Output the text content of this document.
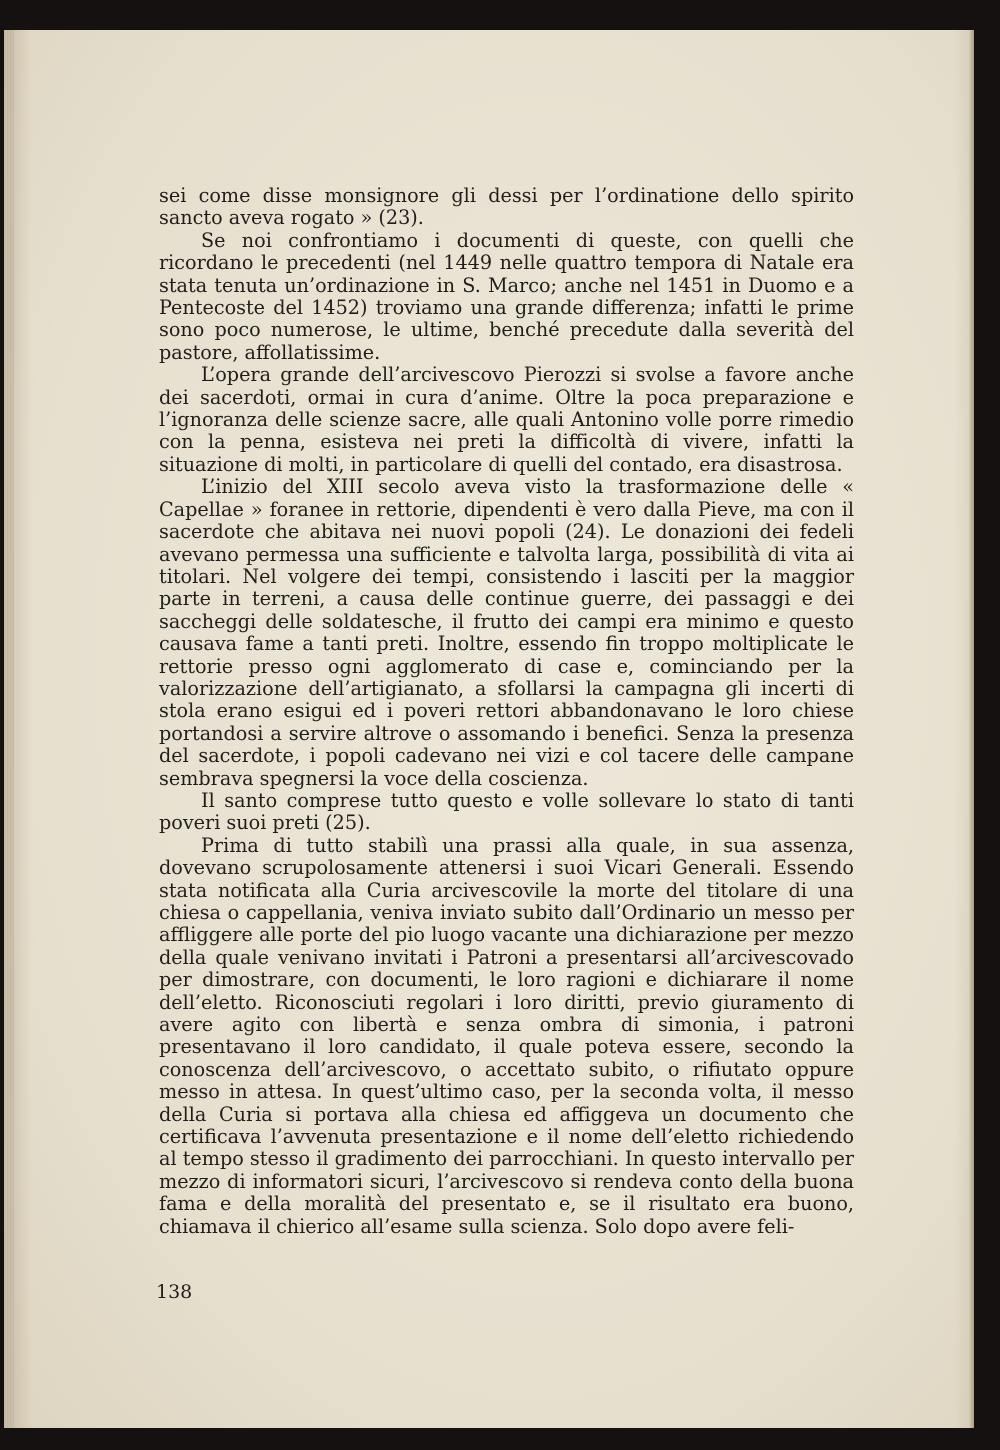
sei come disse monsignore gli dessi per l’ordinatione dello spirito sancto aveva rogato » (23).

Se noi confrontiamo i documenti di queste, con quelli che ricordano le precedenti (nel 1449 nelle quattro tempora di Natale era stata tenuta un’ordinazione in S. Marco; anche nel 1451 in Duomo e a Pentecoste del 1452) troviamo una grande differenza; infatti le prime sono poco numerose, le ultime, benché precedute dalla severità del pastore, affollatissime.

L’opera grande dell’arcivescovo Pierozzi si svolse a favore anche dei sacerdoti, ormai in cura d’anime. Oltre la poca preparazione e l’ignoranza delle scienze sacre, alle quali Antonino volle porre rimedio con la penna, esisteva nei preti la difficoltà di vivere, infatti la situazione di molti, in particolare di quelli del contado, era disastrosa.

L’inizio del XIII secolo aveva visto la trasformazione delle « Capellae » foranee in rettorie, dipendenti è vero dalla Pieve, ma con il sacerdote che abitava nei nuovi popoli (24). Le donazioni dei fedeli avevano permessa una sufficiente e talvolta larga, possibilità di vita ai titolari. Nel volgere dei tempi, consistendo i lasciti per la maggior parte in terreni, a causa delle continue guerre, dei passaggi e dei saccheggi delle soldatesche, il frutto dei campi era minimo e questo causava fame a tanti preti. Inoltre, essendo fin troppo moltiplicate le rettorie presso ogni agglomerato di case e, cominciando per la valorizzazione dell’artigianato, a sfollarsi la campagna gli incerti di stola erano esigui ed i poveri rettori abbandonavano le loro chiese portandosi a servire altrove o assomando i benefici. Senza la presenza del sacerdote, i popoli cadevano nei vizi e col tacere delle campane sembrava spegnersi la voce della coscienza.

Il santo comprese tutto questo e volle sollevare lo stato di tanti poveri suoi preti (25).

Prima di tutto stabilì una prassi alla quale, in sua assenza, dovevano scrupolosamente attenersi i suoi Vicari Generali. Essendo stata notificata alla Curia arcivescovile la morte del titolare di una chiesa o cappellania, veniva inviato subito dall’Ordinario un messo per affliggere alle porte del pio luogo vacante una dichiarazione per mezzo della quale venivano invitati i Patroni a presentarsi all’arcivescovado per dimostrare, con documenti, le loro ragioni e dichiarare il nome dell’eletto. Riconosciuti regolari i loro diritti, previo giuramento di avere agito con libertà e senza ombra di simonia, i patroni presentavano il loro candidato, il quale poteva essere, secondo la conoscenza dell’arcivescovo, o accettato subito, o rifiutato oppure messo in attesa. In quest’ultimo caso, per la seconda volta, il messo della Curia si portava alla chiesa ed affiggeva un documento che certificava l’avvenuta presentazione e il nome dell’eletto richiedendo al tempo stesso il gradimento dei parrocchiani. In questo intervallo per mezzo di informatori sicuri, l’arcivescovo si rendeva conto della buona fama e della moralità del presentato e, se il risultato era buono, chiamava il chierico all’esame sulla scienza. Solo dopo avere feli-

138
